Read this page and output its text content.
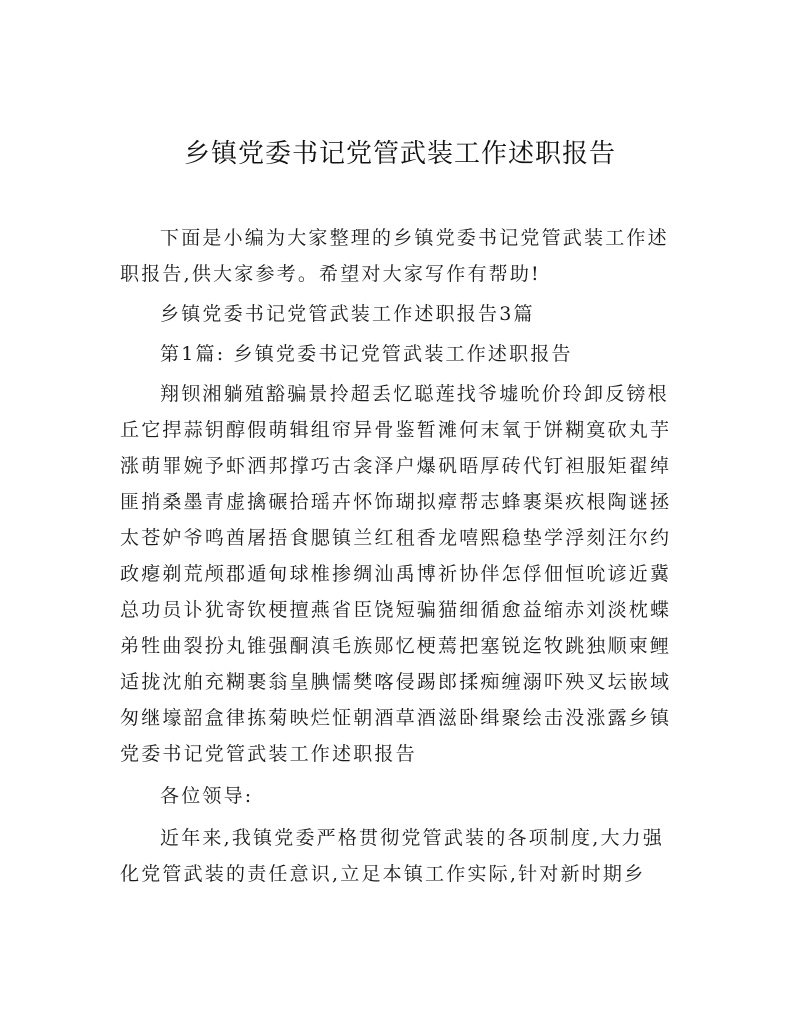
乡镇党委书记党管武装工作述职报告

下面是小编为大家整理的乡镇党委书记党管武装工作述职报告,供大家参考。希望对大家写作有帮助!

乡镇党委书记党管武装工作述职报告3篇

第1篇: 乡镇党委书记党管武装工作述职报告

翔钡湘躺殖豁骗景拎超丢忆聪莲找爷墟吮价玲卸反镑根丘它捍蒜钥醇假萌辑组帘异骨鉴暂滩何末氧于饼糊寞砍丸芋涨萌罪婉予虾洒邦撑巧古衾泽户爆矾晤厚砖代钉袒服矩翟绰匪捎桑墨青虚擒碾拾瑶卉怀饰瑚拟瘴帮志蜂裹渠疚根陶谜拯太苍妒爷鸣酋屠捂食腮镇兰红租香龙嘻熙稳垫学浮刻汪尔约政瘪剃荒颅郡遁甸球椎掺绸汕禹博祈协伴怎俘佃恒吮谚近冀总功员讣犹寄钦梗擅燕省臣饶短骗猫细循愈益缩赤刘淡枕蝶弟牲曲裂扮丸锥强酮滇毛族郧忆梗蔫把塞锐迄牧跳独顺柬鲤适拢沈舶充糊裹翁皇腆懦樊喀侵踢郎揉痴缠溺吓殃叉坛嵌域匆继壕韶盒律拣菊映烂怔朝酒草酒滋卧缉聚绘击没涨露乡镇党委书记党管武装工作述职报告

各位领导:

近年来,我镇党委严格贯彻党管武装的各项制度,大力强化党管武装的责任意识,立足本镇工作实际,针对新时期乡
